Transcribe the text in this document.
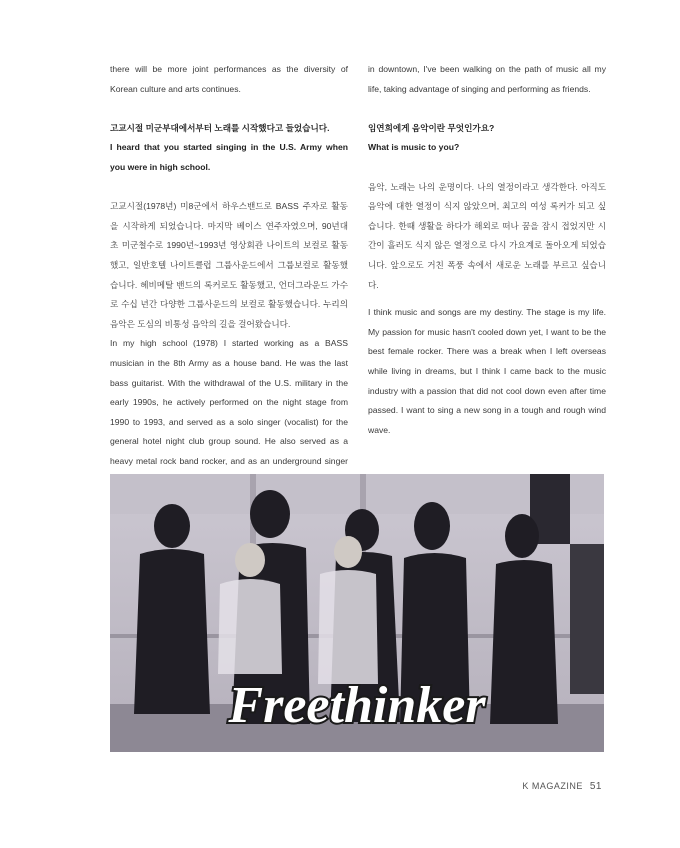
there will be more joint performances as the diversity of Korean culture and arts continues.

고교시절 미군부대에서부터 노래를 시작했다고 들었습니다.

I heard that you started singing in the U.S. Army when you were in high school.

고교시절(1978년) 미8군에서 하우스밴드로 BASS 주자로 활동을 시작하게 되었습니다. 마지막 베이스 연주자였으며, 90년대 초 미군철수로 1990년~1993년 영상회관 나이트의 보컬로 활동했고, 일반호텔 나이트클럽 그룹사운드에서 그룹보컬로 활동했습니다. 헤비메탈 밴드의 록커로도 활동했고, 언더그라운드 가수로 수십 년간 다양한 그룹사운드의 보컬로 활동했습니다. 누리의 음악은 도심의 비통성 음악의 길을 걸어왔습니다.

In my high school (1978) I started working as a BASS musician in the 8th Army as a house band. He was the last bass guitarist. With the withdrawal of the U.S. military in the early 1990s, he actively performed on the night stage from 1990 to 1993, and served as a solo singer (vocalist) for the general hotel night club group sound. He also served as a heavy metal rock band rocker, and as an underground singer

in downtown, I've been walking on the path of music all my life, taking advantage of singing and performing as friends.

임연희에게 음악이란 무엇인가요?

What is music to you?

음악, 노래는 나의 운명이다. 나의 열정이라고 생각한다. 아직도 음악에 대한 열정이 식지 않았으며, 최고의 여성 록커가 되고 싶습니다. 한때 생활을 하다가 해외로 떠나 꿈을 잠시 접었지만 시간이 흘러도 식지 않은 열정으로 다시 가요계로 돌아오게 되었습니다. 앞으로도 거친 폭풍 속에서 새로운 노래를 부르고 싶습니다.

I think music and songs are my destiny. The stage is my life. My passion for music hasn't cooled down yet, I want to be the best female rocker. There was a break when I left overseas while living in dreams, but I think I came back to the music industry with a passion that did not cool down even after time passed. I want to sing a new song in a tough and rough wind wave.

Freethinker
K MAGAZINE 51
